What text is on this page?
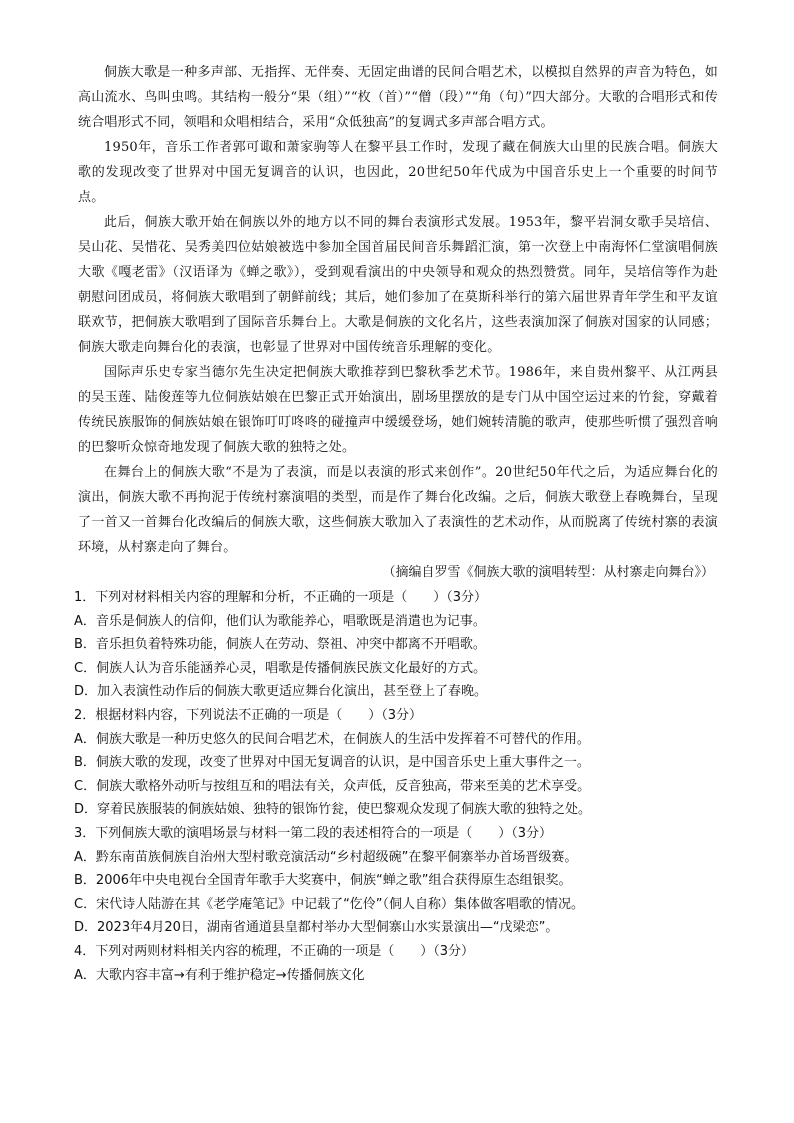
侗族大歌是一种多声部、无指挥、无伴奏、无固定曲谱的民间合唱艺术，以模拟自然界的声音为特色，如高山流水、鸟叫虫鸣。其结构一般分“果（组）”“枚（首）”“僧（段）”“角（句）”四大部分。大歌的合唱形式和传统合唱形式不同，领唱和众唱相结合，采用“众低独高”的复调式多声部合唱方式。

1950年，音乐工作者郭可诹和萧家驹等人在黎平县工作时，发现了藏在侗族大山里的民族合唱。侗族大歌的发现改变了世界对中国无复调音的认识，也因此，20世纪50年代成为中国音乐史上一个重要的时间节点。

此后，侗族大歌开始在侗族以外的地方以不同的舞台表演形式发展。1953年，黎平岩洞女歌手吴培信、吴山花、吴惜花、吴秀美四位姑娘被选中参加全国首届民间音乐舞蹈汇演，第一次登上中南海怀仁堂演唱侗族大歌《嘎老雷》（汉语译为《蝉之歌》），受到观看演出的中央领导和观众的热烈赞赏。同年，吴培信等作为赴朝慰问团成员，将侗族大歌唱到了朝鲜前线；其后，她们参加了在莫斯科举行的第六届世界青年学生和平友谊联欢节，把侗族大歌唱到了国际音乐舞台上。大歌是侗族的文化名片，这些表演加深了侗族对国家的认同感；侗族大歌走向舞台化的表演，也彰显了世界对中国传统音乐理解的变化。

国际声乐史专家当德尔先生决定把侗族大歌推荐到巴黎秋季艺术节。1986年，来自贵州黎平、从江两县的吴玉莲、陆俊莲等九位侗族姑娘在巴黎正式开始演出，剧场里摆放的是专门从中国空运过来的竹瓮，穿戴着传统民族服饰的侗族姑娘在银饰叮叮咚咚的碰撞声中缓缓登场，她们婉转清脆的歌声，使那些听惯了强烈音响的巴黎听众惊奇地发现了侗族大歌的独特之处。

在舞台上的侗族大歌“不是为了表演，而是以表演的形式来创作”。20世纪50年代之后，为适应舞台化的演出，侗族大歌不再拘泥于传统村寨演唱的类型，而是作了舞台化改编。之后，侗族大歌登上春晚舞台，呈现了一首又一首舞台化改编后的侗族大歌，这些侗族大歌加入了表演性的艺术动作，从而脱离了传统村寨的表演环境，从村寨走向了舞台。

（摘编自罗雪《侗族大歌的演唱转型：从村寨走向舞台》）
1．下列对材料相关内容的理解和分析，不正确的一项是（　　）（3分）
A．音乐是侗族人的信仰，他们认为歌能养心，唱歌既是消遣也为记事。
B．音乐担负着特殊功能，侗族人在劳动、祭祖、冲突中都离不开唱歌。
C．侗族人认为音乐能涵养心灵，唱歌是传播侗族民族文化最好的方式。
D．加入表演性动作后的侗族大歌更适应舞台化演出，甚至登上了春晚。
2．根据材料内容，下列说法不正确的一项是（　　）（3分）
A．侗族大歌是一种历史悠久的民间合唱艺术，在侗族人的生活中发挥着不可替代的作用。
B．侗族大歌的发现，改变了世界对中国无复调音的认识，是中国音乐史上重大事件之一。
C．侗族大歌格外动听与按组互和的唱法有关，众声低，反音独高，带来至美的艺术享受。
D．穿着民族服装的侗族姑娘、独特的银饰竹瓮，使巴黎观众发现了侗族大歌的独特之处。
3．下列侗族大歌的演唱场景与材料一第二段的表述相符合的一项是（　　）（3分）
A．黔东南苗族侗族自治州大型村歌竞演活动“乡村超级碗”在黎平侗寨举办首场晋级赛。
B．2006年中央电视台全国青年歌手大奖赛中，侗族“蝉之歌”组合获得原生态组银奖。
C．宋代诗人陆游在其《老学庵笔记》中记载了“仡伶”（侗人自称）集体做客唱歌的情况。
D．2023年4月20日，湖南省通道县皇都村举办大型侗寨山水实景演出—“戊梁恋”。
4．下列对两则材料相关内容的梳理，不正确的一项是（　　）（3分）
A．大歌内容丰富→有利于维护稳定→传播侗族文化
